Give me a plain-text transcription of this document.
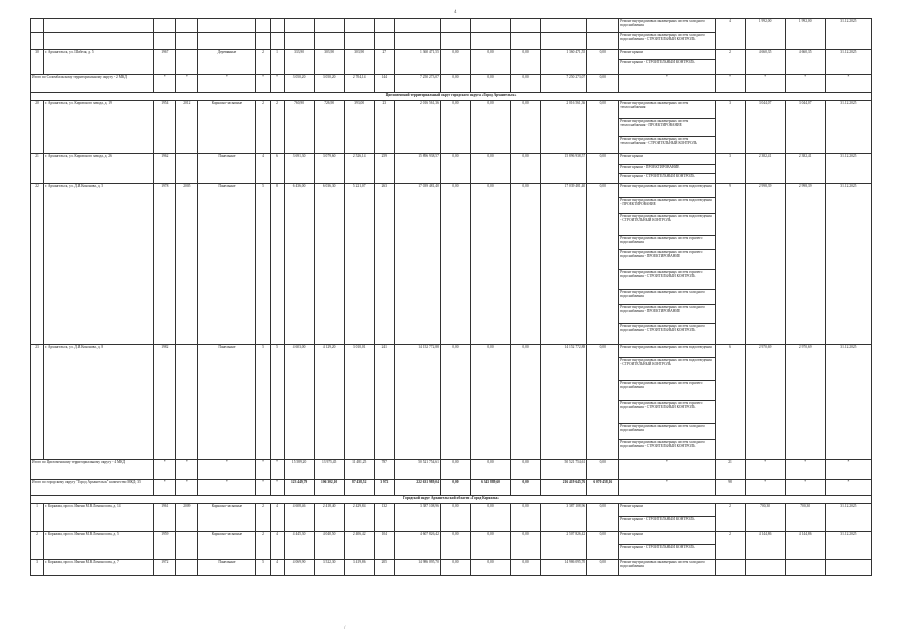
4
/
																	Ремонт внутридомовых инженерных систем холодного водоснабжения	4	1 992,00	1 992,00	31.12.2025
																	Ремонт внутридомовых инженерных систем холодного водоснабжения - СТРОИТЕЛЬНЫЙ КОНТРОЛЬ				
30	г. Архангельск, ул. Шабеля, д. 5	1967		Деревянные	2	1	333,90	303,90	303,90	27	1 360 471,55	0,00	0,00	0,00	1 360 471,55	0,00	Ремонт крыши	2	4 660,35	4 660,35	31.12.2025
																	Ремонт крыши - СТРОИТЕЛЬНЫЙ КОНТРОЛЬ				
Итого по Соломбальскому территориальному округу - 2 МКД		*	*	*	*	*	3 050,20	3 050,20	2 704,14	144	7 250 273,07	0,00	0,00	0,00	7 250 273,07	0,00	*	*	*	*	*
Цигломенский территориальный округ городского округа «Город Архангельск»																					
20	г. Архангельск, ул. Кировского завода, д. 19	1954	2012	Каркасно-засыпные	2	2	760,90	726,90	393,00	23	2 016 561,36	0,00	0,00	0,00	2 016 561,36	0,00	Ремонт внутридомовых инженерных систем теплоснабжения	3	3 044,07	3 044,07	31.12.2025
																	Ремонт внутридомовых инженерных систем теплоснабжения - ПРОЕКТИРОВАНИЕ				
																	Ремонт внутридомовых инженерных систем теплоснабжения - СТРОИТЕЛЬНЫЙ КОНТРОЛЬ				
21	г. Архангельск, ул. Кировского завода, д. 26	1962		Панельные	4	6	3 691,30	3 079,60	2 526,14	259	15 896 938,57	0,00	0,00	0,00	15 896 938,57	0,00	Ремонт крыши	3	2 382,41	2 382,41	31.12.2025
																	Ремонт крыши - ПРОЕКТИРОВАНИЕ				
																	Ремонт крыши - СТРОИТЕЛЬНЫЙ КОНТРОЛЬ				
22	г. Архангельск, ул. Д.И.Кононова, д. 5	1978	2005	Панельные	5	8	6 436,00	6 036,30	5 221,07	263	17 039 481,40	0,00	0,00	0,00	17 039 481,40	0,00	Ремонт внутридомовых инженерных систем водоотведения	9	2 998,39	2 998,39	31.12.2025
																	Ремонт внутридомовых инженерных систем водоотведения - ПРОЕКТИРОВАНИЕ				
																	Ремонт внутридомовых инженерных систем водоотведения - СТРОИТЕЛЬНЫЙ КОНТРОЛЬ				
																	Ремонт внутридомовых инженерных систем горячего водоснабжения				
																	Ремонт внутридомовых инженерных систем горячего водоснабжения - ПРОЕКТИРОВАНИЕ				
																	Ремонт внутридомовых инженерных систем горячего водоснабжения - СТРОИТЕЛЬНЫЙ КОНТРОЛЬ				
																	Ремонт внутридомовых инженерных систем холодного водоснабжения				
																	Ремонт внутридомовых инженерных систем холодного водоснабжения - ПРОЕКТИРОВАНИЕ				
																	Ремонт внутридомовых инженерных систем холодного водоснабжения - СТРОИТЕЛЬНЫЙ КОНТРОЛЬ				
23	г. Архангельск, ул. Д.И.Кононова, д. 8	1982		Панельные	5	5	4 603,00	4 129,20	3 010,01	241	14 152 772,88	0,00	0,00	0,00	14 152 772,88	0,00	Ремонт внутридомовых инженерных систем водоотведения	6	2 970,69	2 970,69	31.12.2025
																	Ремонт внутридомовых инженерных систем водоотведения - СТРОИТЕЛЬНЫЙ КОНТРОЛЬ				
																	Ремонт внутридомовых инженерных систем горячего водоснабжения				
																	Ремонт внутридомовых инженерных систем горячего водоснабжения - СТРОИТЕЛЬНЫЙ КОНТРОЛЬ				
																	Ремонт внутридомовых инженерных систем холодного водоснабжения				
																	Ремонт внутридомовых инженерных систем холодного водоснабжения - СТРОИТЕЛЬНЫЙ КОНТРОЛЬ				
Итого по Цигломенскому территориальному округу - 4 МКД		*	*	*	*	*	15 589,20	13 975,45	11 481,25	787	50 521 754,61	0,00	0,00	0,00	50 521 754,61	0,00	*	21	*	*	*
Итого по городскому округу "Город Архангельск" количество МКД: 35		*	*	*	*	*	123 449,79	106 302,10	87 438,52	3 972	222 631 989,04	0,00	6 345 889,60	0,00	216 419 645,76	6 070 458,16	*	98	*	*	*
Городской округ Архангельской области «Город Коряжма»																					
1	г. Коряжма, просп. Имени М.В.Ломоносова, д. 14	1961	2009	Каркасно-засыпные	2	4	4 608,46	2 418,40	2 429,84	132	3 387 108,96	0,00	0,00	0,00	3 387 108,96	0,00	Ремонт крыши	2	700,30	700,30	31.12.2025
																	Ремонт крыши - СТРОИТЕЛЬНЫЙ КОНТРОЛЬ				
2	г. Коряжма, просп. Имени М.В.Ломоносова, д. 5	1959		Каркасно-засыпные	2	4	4 445,30	4 040,50	2 406,42	104	4 607 826,42	0,00	0,00	0,00	2 507 826,42	0,00	Ремонт крыши	2	4 144,86	4 144,86	31.12.2025
																	Ремонт крыши - СТРОИТЕЛЬНЫЙ КОНТРОЛЬ				
3	г. Коряжма, просп. Имени М.В.Ломоносова, д. 7	1972		Панельные	5	4	4 069,90	3 522,30	3 419,86	205	14 986 095,70	0,00	0,00	0,00	14 986 095,70	0,00	Ремонт внутридомовых инженерных систем холодного водоснабжения				
